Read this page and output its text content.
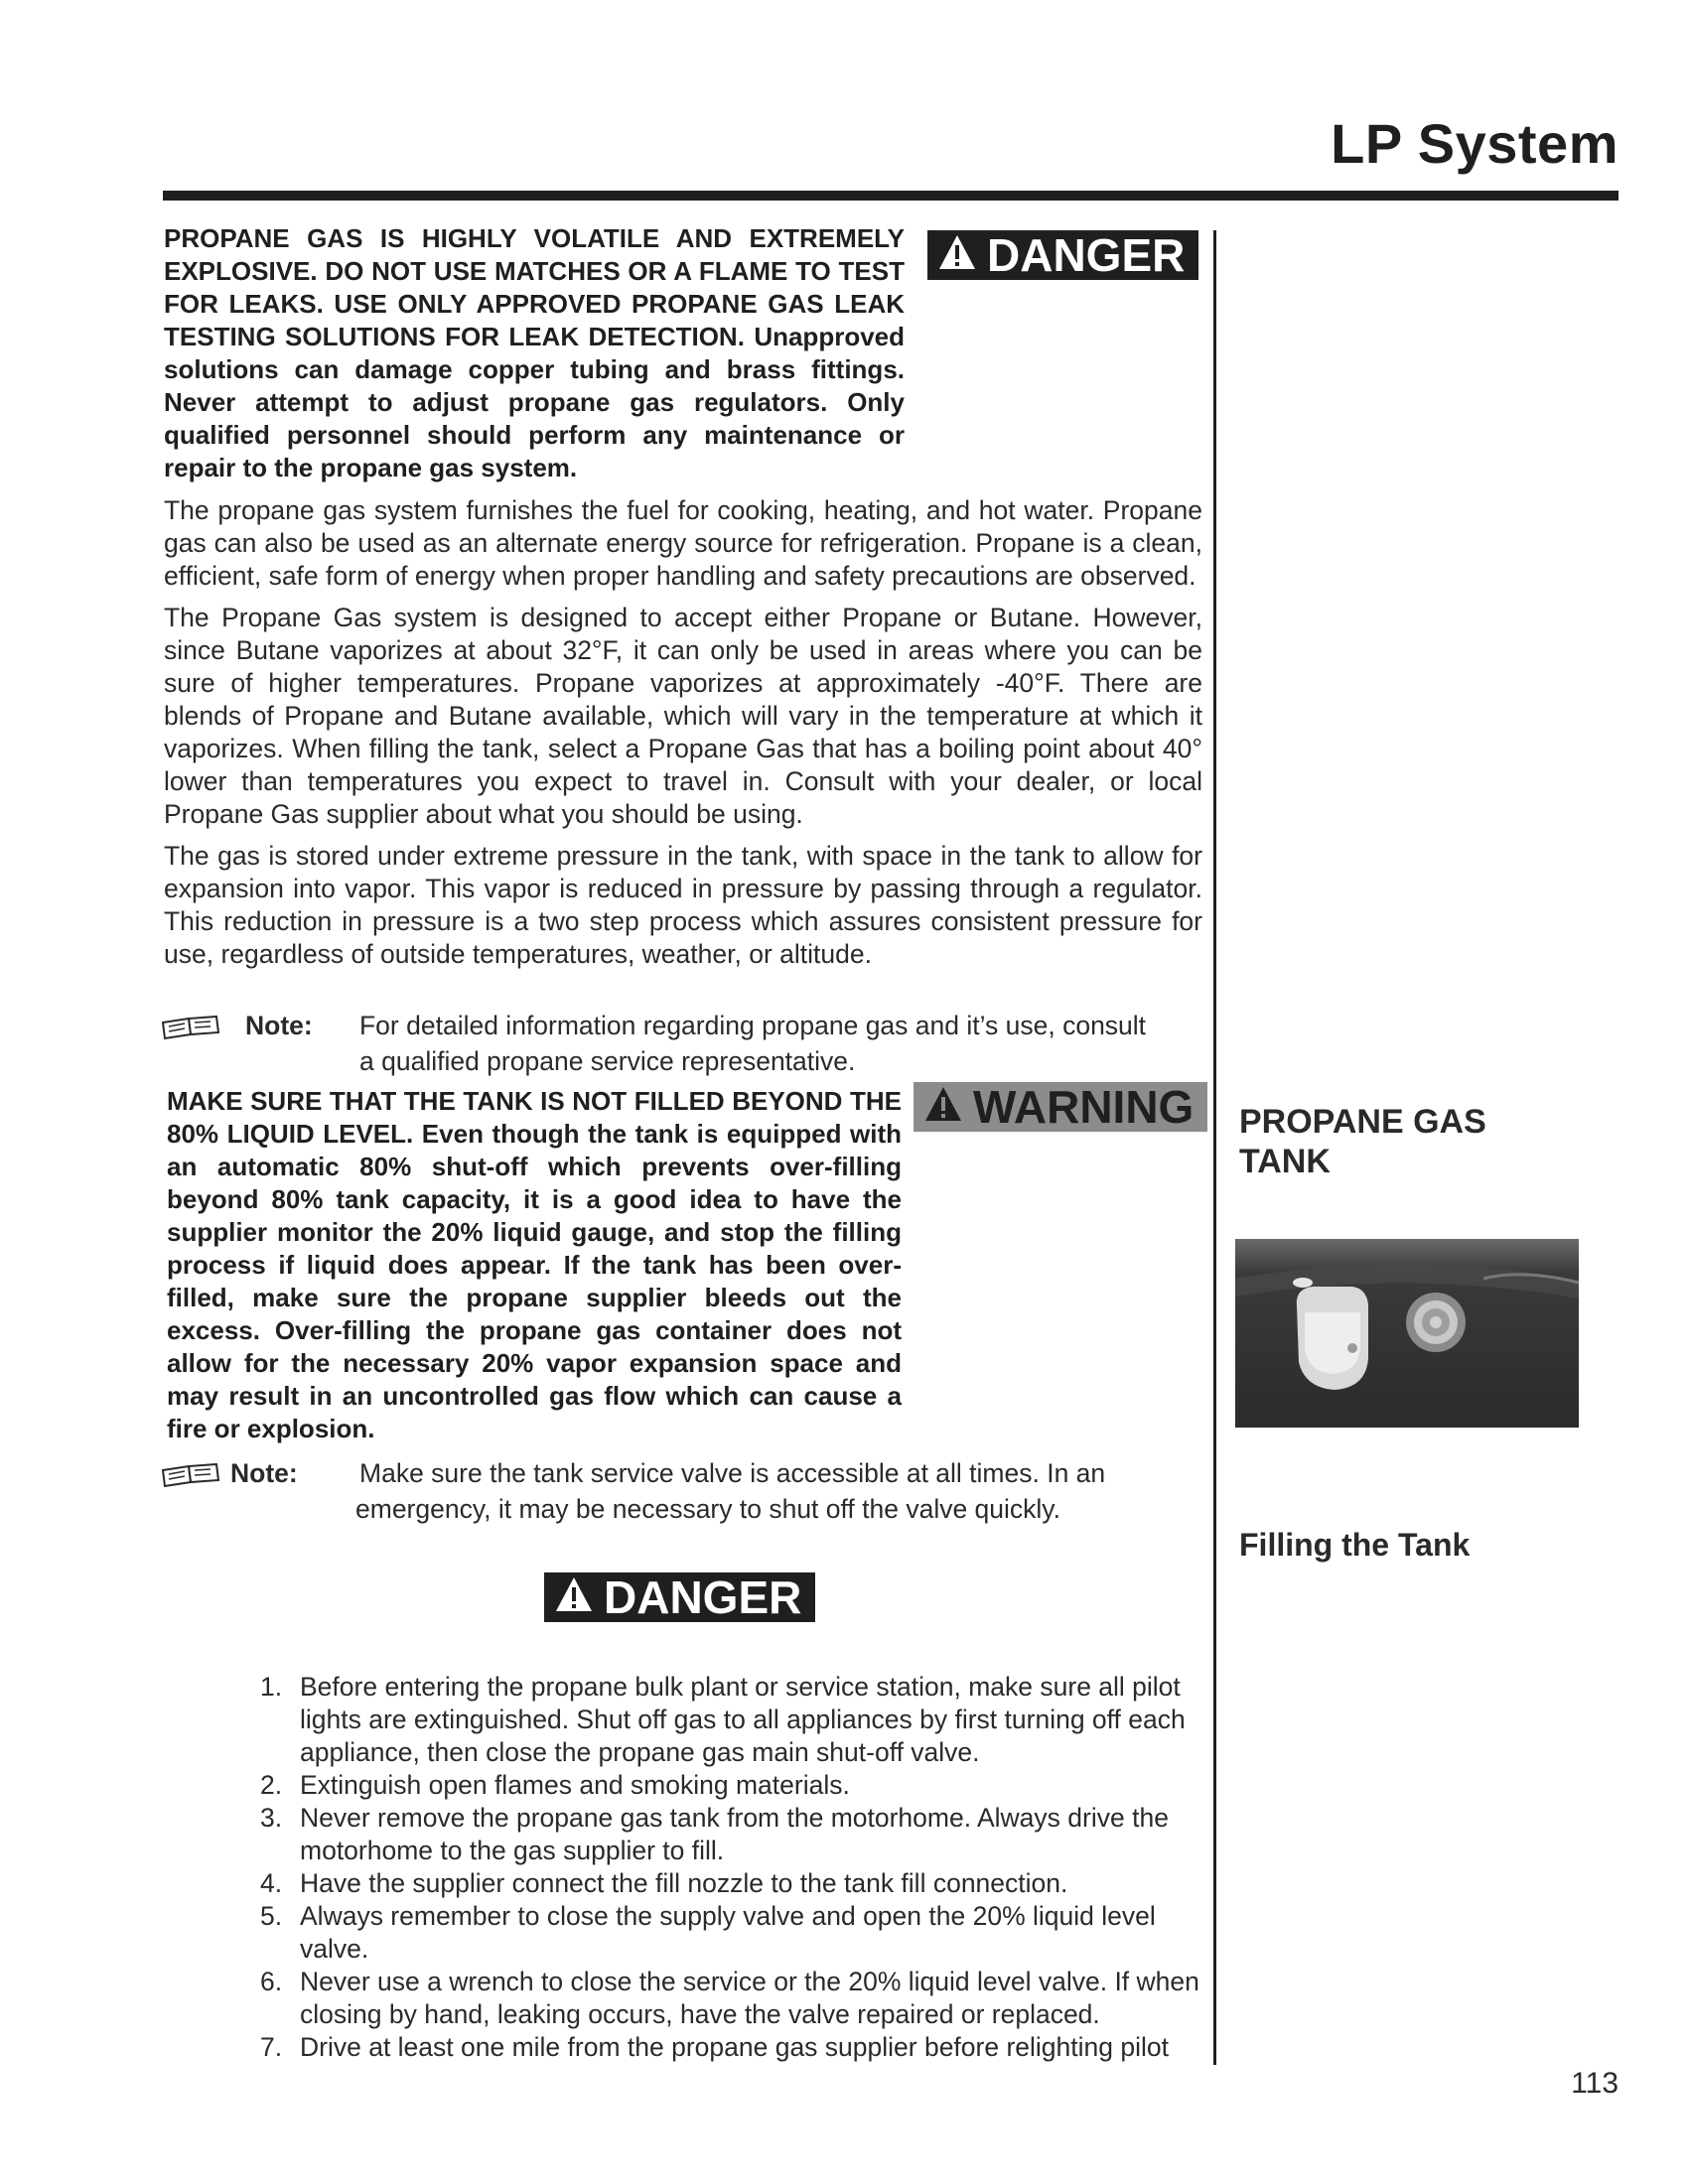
LP System
DANGER

PROPANE GAS IS HIGHLY VOLATILE AND EXTREMELY EXPLOSIVE. DO NOT USE MATCHES OR A FLAME TO TEST FOR LEAKS. USE ONLY APPROVED PROPANE GAS LEAK TESTING SOLUTIONS FOR LEAK DETECTION. Unapproved solutions can damage copper tubing and brass fittings. Never attempt to adjust propane gas regulators. Only qualified personnel should perform any maintenance or repair to the propane gas system.

The propane gas system furnishes the fuel for cooking, heating, and hot water. Propane gas can also be used as an alternate energy source for refrigeration. Propane is a clean, efficient, safe form of energy when proper handling and safety precautions are observed.

The Propane Gas system is designed to accept either Propane or Butane. However, since Butane vaporizes at about 32°F, it can only be used in areas where you can be sure of higher temperatures. Propane vaporizes at approximately -40°F. There are blends of Propane and Butane available, which will vary in the temperature at which it vaporizes. When filling the tank, select a Propane Gas that has a boiling point about 40° lower than temperatures you expect to travel in. Consult with your dealer, or local Propane Gas supplier about what you should be using.

The gas is stored under extreme pressure in the tank, with space in the tank to allow for expansion into vapor. This vapor is reduced in pressure by passing through a regulator. This reduction in pressure is a two step process which assures consistent pressure for use, regardless of outside temperatures, weather, or altitude.

Note: For detailed information regarding propane gas and it’s use, consult
a qualified propane service representative.
WARNING

MAKE SURE THAT THE TANK IS NOT FILLED BEYOND THE 80% LIQUID LEVEL. Even though the tank is equipped with an automatic 80% shut-off which prevents over-filling beyond 80% tank capacity, it is a good idea to have the supplier monitor the 20% liquid gauge, and stop the filling process if liquid does appear. If the tank has been over-filled, make sure the propane supplier bleeds out the excess. Over-filling the propane gas container does not allow for the necessary 20% vapor expansion space and may result in an uncontrolled gas flow which can cause a fire or explosion.

Note: Make sure the tank service valve is accessible at all times. In an
emergency, it may be necessary to shut off the valve quickly.
DANGER
1. Before entering the propane bulk plant or service station, make sure all pilot lights are extinguished. Shut off gas to all appliances by first turning off each appliance, then close the propane gas main shut-off valve.
2. Extinguish open flames and smoking materials.
3. Never remove the propane gas tank from the motorhome. Always drive the motorhome to the gas supplier to fill.
4. Have the supplier connect the fill nozzle to the tank fill connection.
5. Always remember to close the supply valve and open the 20% liquid level valve.
6. Never use a wrench to close the service or the 20% liquid level valve. If when closing by hand, leaking occurs, have the valve repaired or replaced.
7. Drive at least one mile from the propane gas supplier before relighting pilot
PROPANE GAS
TANK
Filling the Tank
113
